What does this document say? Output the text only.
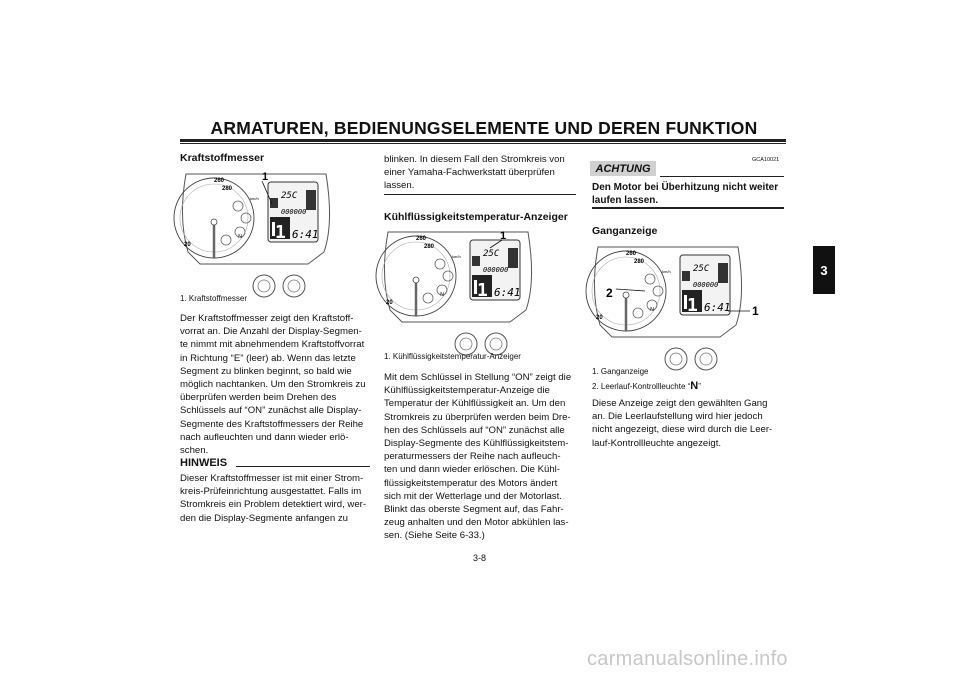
ARMATUREN, BEDIENUNGSELEMENTE UND DEREN FUNKTION
3
Kraftstoffmesser
260
280
20
25C
000000
1 6:41
N
km/h
1
1. Kraftstoffmesser
Der Kraftstoffmesser zeigt den Kraftstoff-
vorrat an. Die Anzahl der Display-Segmen-
te nimmt mit abnehmendem Kraftstoffvorrat
in Richtung “E” (leer) ab. Wenn das letzte
Segment zu blinken beginnt, so bald wie
möglich nachtanken. Um den Stromkreis zu
überprüfen werden beim Drehen des
Schlüssels auf “ON” zunächst alle Display-
Segmente des Kraftstoffmessers der Reihe
nach aufleuchten und dann wieder erlö-
schen.
HINWEIS
Dieser Kraftstoffmesser ist mit einer Strom-
kreis-Prüfeinrichtung ausgestattet. Falls im
Stromkreis ein Problem detektiert wird, wer-
den die Display-Segmente anfangen zu
blinken. In diesem Fall den Stromkreis von
einer Yamaha-Fachwerkstatt überprüfen
lassen.
Kühlflüssigkeitstemperatur-Anzeiger
260
280
20
25C
000000
1 6:41
N
km/h
1
1. Kühlflüssigkeitstemperatur-Anzeiger
Mit dem Schlüssel in Stellung “ON” zeigt die
Kühlflüssigkeitstemperatur-Anzeige die
Temperatur der Kühlflüssigkeit an. Um den
Stromkreis zu überprüfen werden beim Dre-
hen des Schlüssels auf “ON” zunächst alle
Display-Segmente des Kühlflüssigkeitstem-
peraturmessers der Reihe nach aufleuch-
ten und dann wieder erlöschen. Die Kühl-
flüssigkeitstemperatur des Motors ändert
sich mit der Wetterlage und der Motorlast.
Blinkt das oberste Segment auf, das Fahr-
zeug anhalten und den Motor abkühlen las-
sen. (Siehe Seite 6-33.)
3-8
ACHTUNG
GCA10021
Den Motor bei Überhitzung nicht weiter
laufen lassen.
Ganganzeige
260
280
20
25C
000000
1 6:41
N
km/h
2
1
1. Ganganzeige
2. Leerlauf-Kontrollleuchte “N”
Diese Anzeige zeigt den gewählten Gang
an. Die Leerlaufstellung wird hier jedoch
nicht angezeigt, diese wird durch die Leer-
lauf-Kontrollleuchte angezeigt.
carmanualsonline.info
